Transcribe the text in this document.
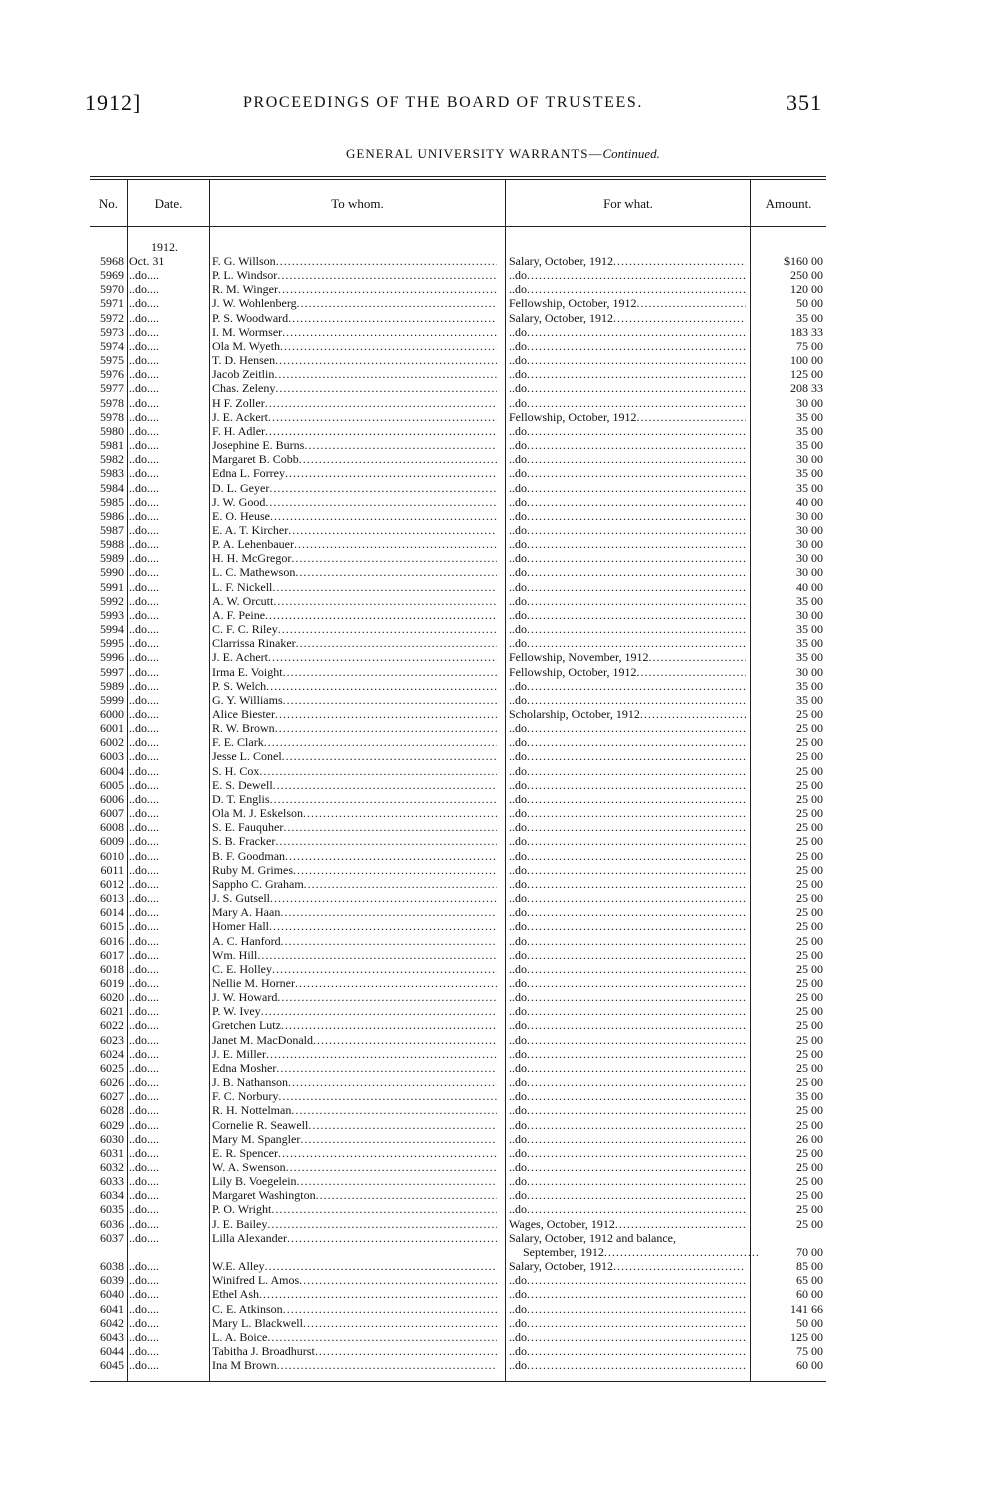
1912]	PROCEEDINGS OF THE BOARD OF TRUSTEES.	351
GENERAL UNIVERSITY WARRANTS—Continued.
No.	Date.	To whom.	For what.	Amount.
1912.
5968 Oct. 31	F. G. Willson .....	Salary, October, 1912 .....	$160 00
5969 ..do....	P. L. Windsor .....	..do .....	250 00
5970 ..do....	R. M. Winger .....	..do .....	120 00
5971 ..do....	J. W. Wohlenberg .....	Fellowship, October, 1912 .....	50 00
5972 ..do....	P. S. Woodward .....	Salary, October, 1912 .....	35 00
5973 ..do....	I. M. Wormser .....	..do .....	183 33
5974 ..do....	Ola M. Wyeth .....	..do .....	75 00
5975 ..do....	T. D. Hensen .....	..do .....	100 00
5976 ..do....	Jacob Zeitlin .....	..do .....	125 00
5977 ..do....	Chas. Zeleny .....	..do .....	208 33
5978 ..do....	H F. Zoller .....	..do .....	30 00
5978 ..do....	J. E. Ackert .....	Fellowship, October, 1912 .....	35 00
5980 ..do....	F. H. Adler .....	..do .....	35 00
5981 ..do....	Josephine E. Burns .....	..do .....	35 00
5982 ..do....	Margaret B. Cobb .....	..do .....	30 00
5983 ..do....	Edna L. Forrey .....	..do .....	35 00
5984 ..do....	D. L. Geyer .....	..do .....	35 00
5985 ..do....	J. W. Good .....	..do .....	40 00
5986 ..do....	E. O. Heuse .....	..do .....	30 00
5987 ..do....	E. A. T. Kircher .....	..do .....	30 00
5988 ..do....	P. A. Lehenbauer .....	..do .....	30 00
5989 ..do....	H. H. McGregor .....	..do .....	30 00
5990 ..do....	L. C. Mathewson .....	..do .....	30 00
5991 ..do....	L. F. Nickell .....	..do .....	40 00
5992 ..do....	A. W. Orcutt .....	..do .....	35 00
5993 ..do....	A. F. Peine .....	..do .....	30 00
5994 ..do....	C. F. C. Riley .....	..do .....	35 00
5995 ..do....	Clarrissa Rinaker .....	..do .....	35 00
5996 ..do....	J. E. Achert .....	Fellowship, November, 1912 .....	35 00
5997 ..do....	Irma E. Voight .....	Fellowship, October, 1912 .....	30 00
5989 ..do....	P. S. Welch .....	..do .....	35 00
5999 ..do....	G. Y. Williams .....	..do .....	35 00
6000 ..do....	Alice Biester .....	Scholarship, October, 1912 .....	25 00
6001 ..do....	R. W. Brown .....	..do .....	25 00
6002 ..do....	F. E. Clark .....	..do .....	25 00
6003 ..do....	Jesse L. Conel .....	..do .....	25 00
6004 ..do....	S. H. Cox .....	..do .....	25 00
6005 ..do....	E. S. Dewell .....	..do .....	25 00
6006 ..do....	D. T. Englis .....	..do .....	25 00
6007 ..do....	Ola M. J. Eskelson .....	..do .....	25 00
6008 ..do....	S. E. Fauquher .....	..do .....	25 00
6009 ..do....	S. B. Fracker .....	..do .....	25 00
6010 ..do....	B. F. Goodman .....	..do .....	25 00
6011 ..do....	Ruby M. Grimes .....	..do .....	25 00
6012 ..do....	Sappho C. Graham .....	..do .....	25 00
6013 ..do....	J. S. Gutsell .....	..do .....	25 00
6014 ..do....	Mary A. Haan .....	..do .....	25 00
6015 ..do....	Homer Hall .....	..do .....	25 00
6016 ..do....	A. C. Hanford .....	..do .....	25 00
6017 ..do....	Wm. Hill .....	..do .....	25 00
6018 ..do....	C. E. Holley .....	..do .....	25 00
6019 ..do....	Nellie M. Horner .....	..do .....	25 00
6020 ..do....	J. W. Howard .....	..do .....	25 00
6021 ..do....	P. W. Ivey .....	..do .....	25 00
6022 ..do....	Gretchen Lutz .....	..do .....	25 00
6023 ..do....	Janet M. MacDonald .....	..do .....	25 00
6024 ..do....	J. E. Miller .....	..do .....	25 00
6025 ..do....	Edna Mosher .....	..do .....	25 00
6026 ..do....	J. B. Nathanson .....	..do .....	25 00
6027 ..do....	F. C. Norbury .....	..do .....	35 00
6028 ..do....	R. H. Nottelman .....	..do .....	25 00
6029 ..do....	Cornelie R. Seawell .....	..do .....	25 00
6030 ..do....	Mary M. Spangler .....	..do .....	26 00
6031 ..do....	E. R. Spencer .....	..do .....	25 00
6032 ..do....	W. A. Swenson .....	..do .....	25 00
6033 ..do....	Lily B. Voegelein .....	..do .....	25 00
6034 ..do....	Margaret Washington .....	..do .....	25 00
6035 ..do....	P. O. Wright .....	..do .....	25 00
6036 ..do....	J. E. Bailey .....	Wages, October, 1912 .....	25 00
6037 ..do....	Lilla Alexander .....	Salary, October, 1912 and balance,
September, 1912 .....	70 00
6038 ..do....	W.E. Alley .....	Salary, October, 1912 .....	85 00
6039 ..do....	Winifred L. Amos .....	..do .....	65 00
6040 ..do....	Ethel Ash .....	..do .....	60 00
6041 ..do....	C. E. Atkinson .....	..do .....	141 66
6042 ..do....	Mary L. Blackwell .....	..do .....	50 00
6043 ..do....	L. A. Boice .....	..do .....	125 00
6044 ..do....	Tabitha J. Broadhurst .....	..do .....	75 00
6045 ..do....	Ina M Brown .....	..do .....	60 00
